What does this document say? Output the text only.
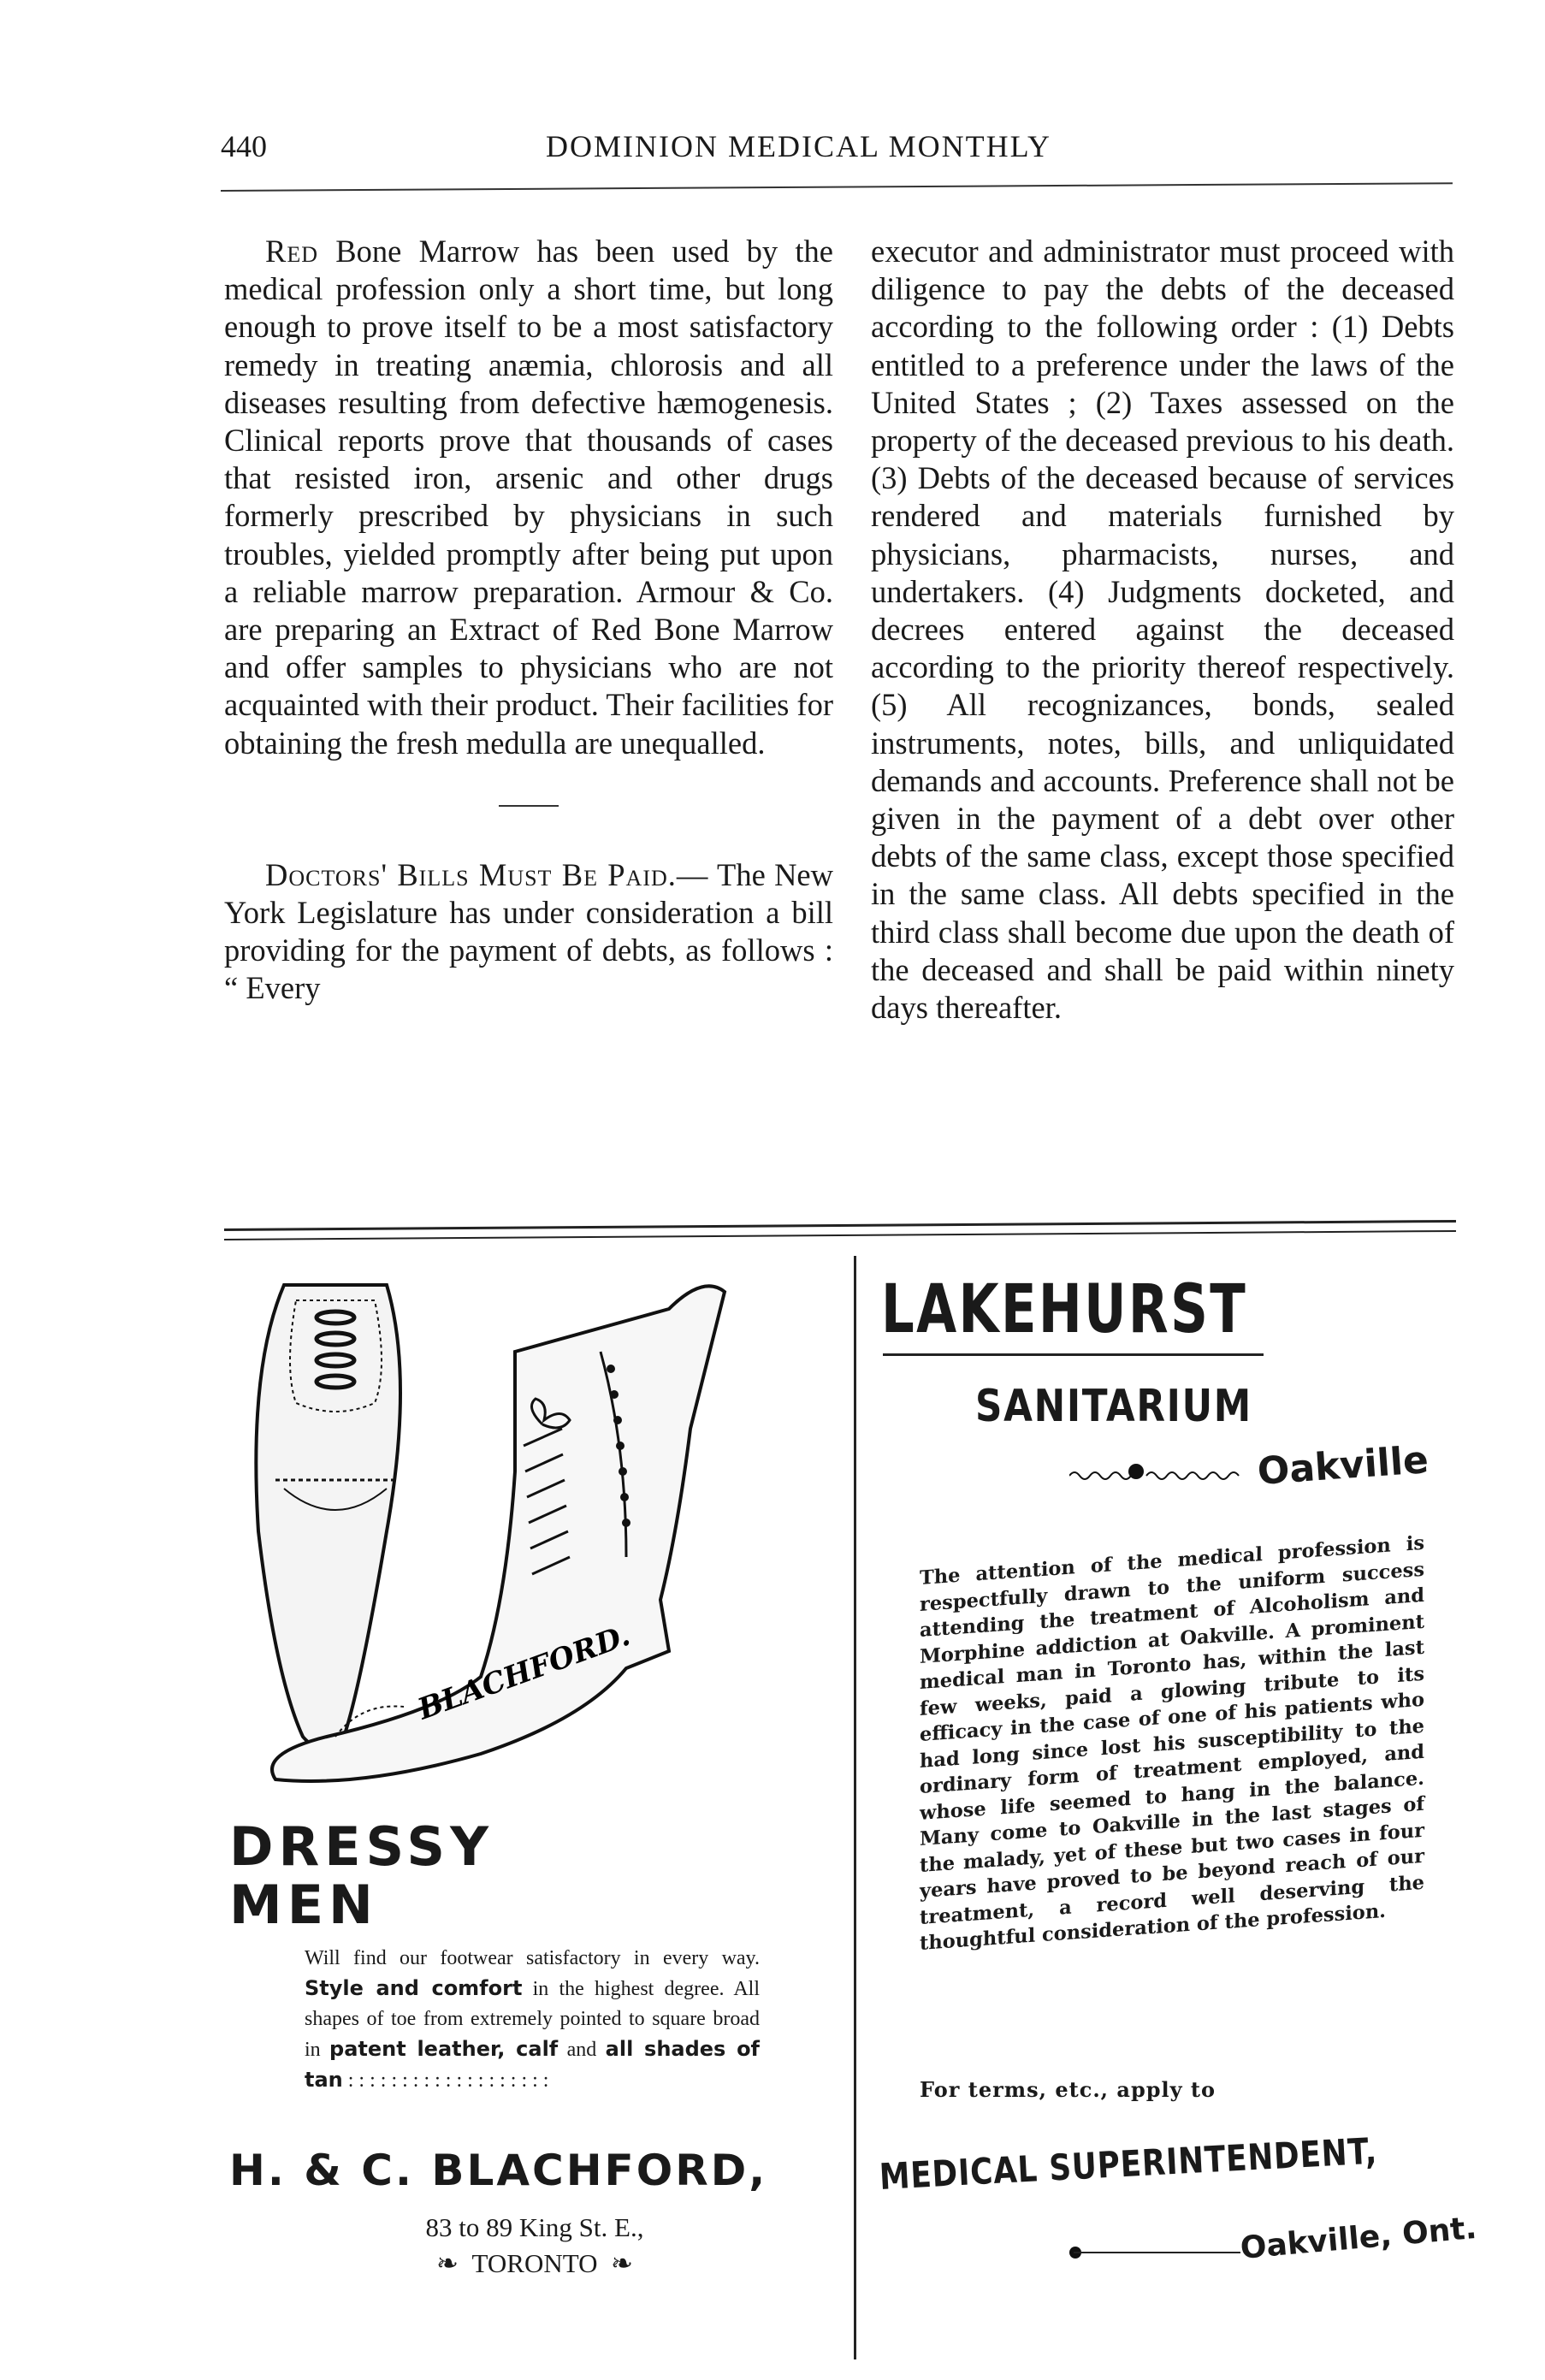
440	DOMINION MEDICAL MONTHLY

Red Bone Marrow has been used by the medical profession only a short time, but long enough to prove itself to be a most satisfactory remedy in treating anæmia, chlorosis and all diseases resulting from defective hæmogenesis. Clinical reports prove that thousands of cases that resisted iron, arsenic and other drugs formerly prescribed by physicians in such troubles, yielded promptly after being put upon a reliable marrow preparation. Armour & Co. are preparing an Extract of Red Bone Marrow and offer samples to physicians who are not acquainted with their product. Their facilities for obtaining the fresh medulla are unequalled.

Doctors' Bills Must Be Paid.— The New York Legislature has under consideration a bill providing for the payment of debts, as follows : “ Every

executor and administrator must proceed with diligence to pay the debts of the deceased according to the following order : (1) Debts entitled to a preference under the laws of the United States ; (2) Taxes assessed on the property of the deceased previous to his death. (3) Debts of the deceased because of services rendered and materials furnished by physicians, pharmacists, nurses, and undertakers. (4) Judgments docketed, and decrees entered against the deceased according to the priority thereof respectively. (5) All recognizances, bonds, sealed instruments, notes, bills, and unliquidated demands and accounts. Preference shall not be given in the payment of a debt over other debts of the same class, except those specified in the same class. All debts specified in the third class shall become due upon the death of the deceased and shall be paid within ninety days thereafter.

BLACHFORD.
DRESSY
MEN
Will find our footwear satisfactory in every way. Style and comfort in the highest degree. All shapes of toe from extremely pointed to square broad in patent leather, calf and all shades of tan : : : : : : : : : : : : : : : : : : :
H. & C. BLACHFORD,
83 to 89 King St. E.,
❧ TORONTO ❧
LAKEHURST
SANITARIUM
Oakville
The attention of the medical profession is respectfully drawn to the uniform success attending the treatment of Alcoholism and Morphine addiction at Oakville. A prominent medical man in Toronto has, within the last few weeks, paid a glowing tribute to its efficacy in the case of one of his patients who had long since lost his susceptibility to the ordinary form of treatment employed, and whose life seemed to hang in the balance. Many come to Oakville in the last stages of the malady, yet of these but two cases in four years have proved to be beyond reach of our treatment, a record well deserving the thoughtful consideration of the profession.
For terms, etc., apply to
MEDICAL SUPERINTENDENT,
Oakville, Ont.
